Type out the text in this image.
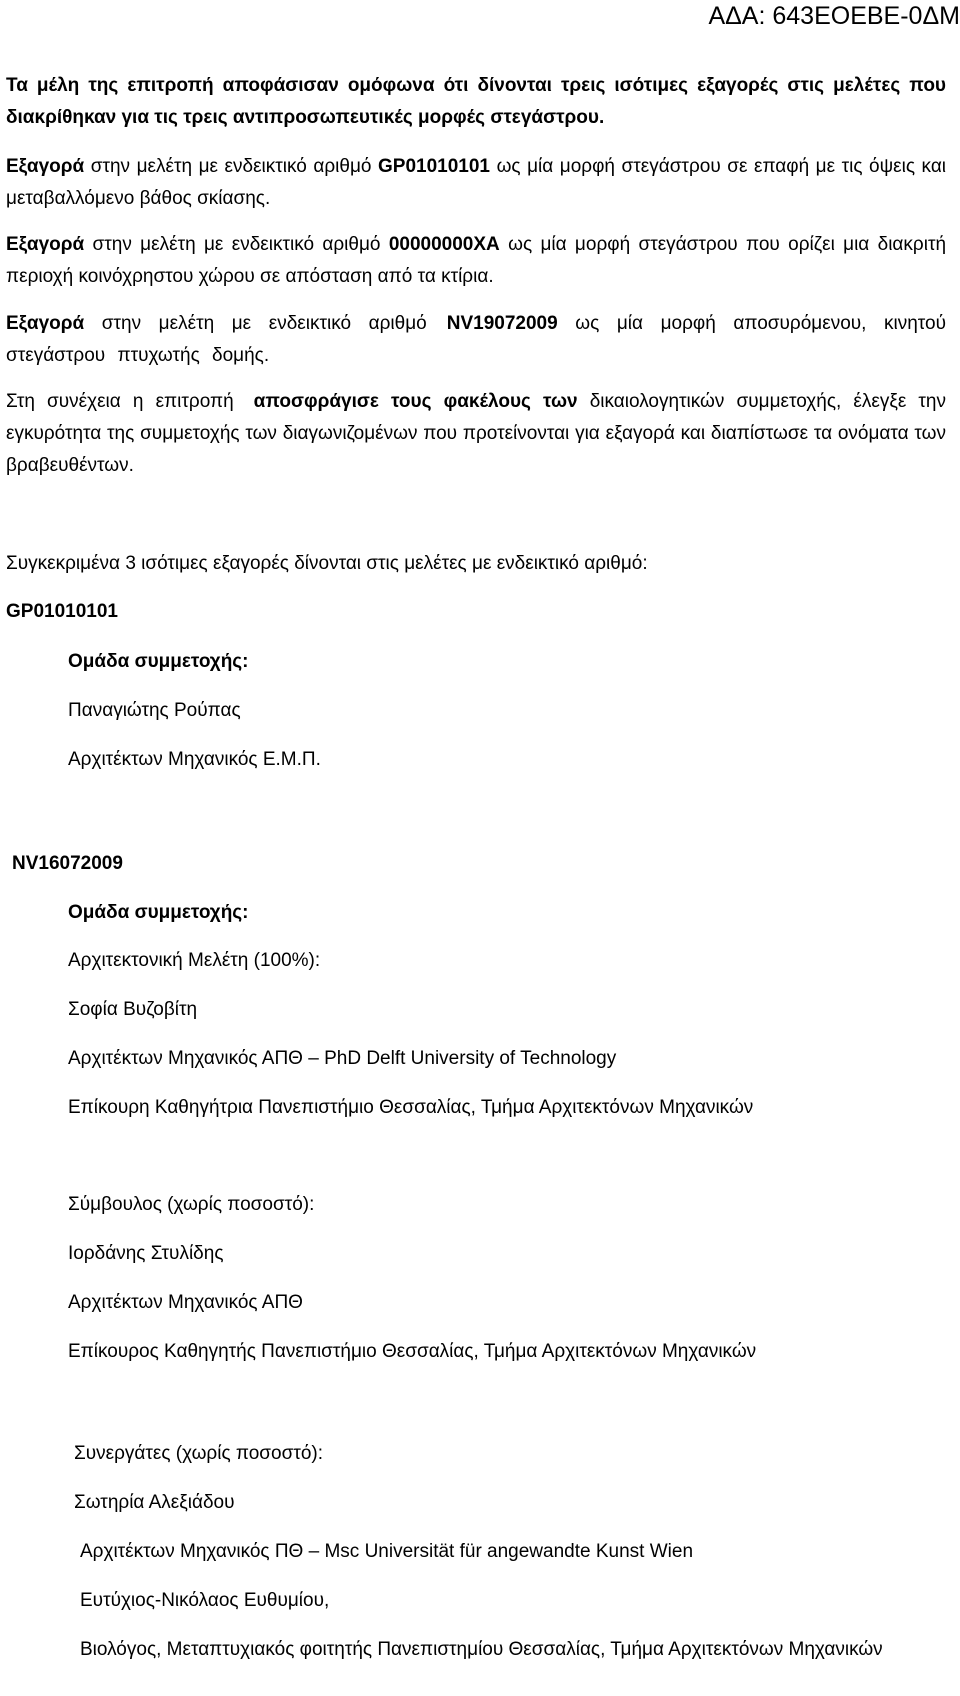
ΑΔΑ: 643ΕΟΕΒΕ-0ΔΜ

Τα μέλη της επιτροπή αποφάσισαν ομόφωνα ότι δίνονται τρεις ισότιμες εξαγορές στις μελέτες που διακρίθηκαν για τις τρεις αντιπροσωπευτικές μορφές στεγάστρου.

Εξαγορά στην μελέτη με ενδεικτικό αριθμό GP01010101 ως μία μορφή στεγάστρου σε επαφή με τις όψεις και μεταβαλλόμενο βάθος σκίασης.

Εξαγορά στην μελέτη με ενδεικτικό αριθμό 00000000ΧΑ ως μία μορφή στεγάστρου που ορίζει μια διακριτή περιοχή κοινόχρηστου χώρου σε απόσταση από τα κτίρια.

Εξαγορά στην μελέτη με ενδεικτικό αριθμό NV19072009 ως μία μορφή αποσυρόμενου, κινητού στεγάστρου πτυχωτής δομής.

Στη συνέχεια η επιτροπή αποσφράγισε τους φακέλους των δικαιολογητικών συμμετοχής, έλεγξε την εγκυρότητα της συμμετοχής των διαγωνιζομένων που προτείνονται για εξαγορά και διαπίστωσε τα ονόματα των βραβευθέντων.

Συγκεκριμένα 3 ισότιμες εξαγορές δίνονται στις μελέτες με ενδεικτικό αριθμό:

GP01010101

Ομάδα συμμετοχής:

Παναγιώτης Ρούπας

Αρχιτέκτων Μηχανικός Ε.Μ.Π.

NV16072009

Ομάδα συμμετοχής:

Αρχιτεκτονική Μελέτη (100%):

Σοφία Βυζοβίτη

Αρχιτέκτων Μηχανικός ΑΠΘ – PhD Delft University of Technology

Επίκουρη Καθηγήτρια Πανεπιστήμιο Θεσσαλίας, Τμήμα Αρχιτεκτόνων Μηχανικών

Σύμβουλος (χωρίς ποσοστό):

Ιορδάνης Στυλίδης

Αρχιτέκτων Μηχανικός ΑΠΘ

Επίκουρος Καθηγητής Πανεπιστήμιο Θεσσαλίας, Τμήμα Αρχιτεκτόνων Μηχανικών

Συνεργάτες (χωρίς ποσοστό):

Σωτηρία Αλεξιάδου

Αρχιτέκτων Μηχανικός ΠΘ – Msc Universität für angewandte Kunst Wien

Ευτύχιος-Νικόλαος Ευθυμίου,

Βιολόγος, Μεταπτυχιακός φοιτητής Πανεπιστημίου Θεσσαλίας, Τμήμα Αρχιτεκτόνων Μηχανικών
